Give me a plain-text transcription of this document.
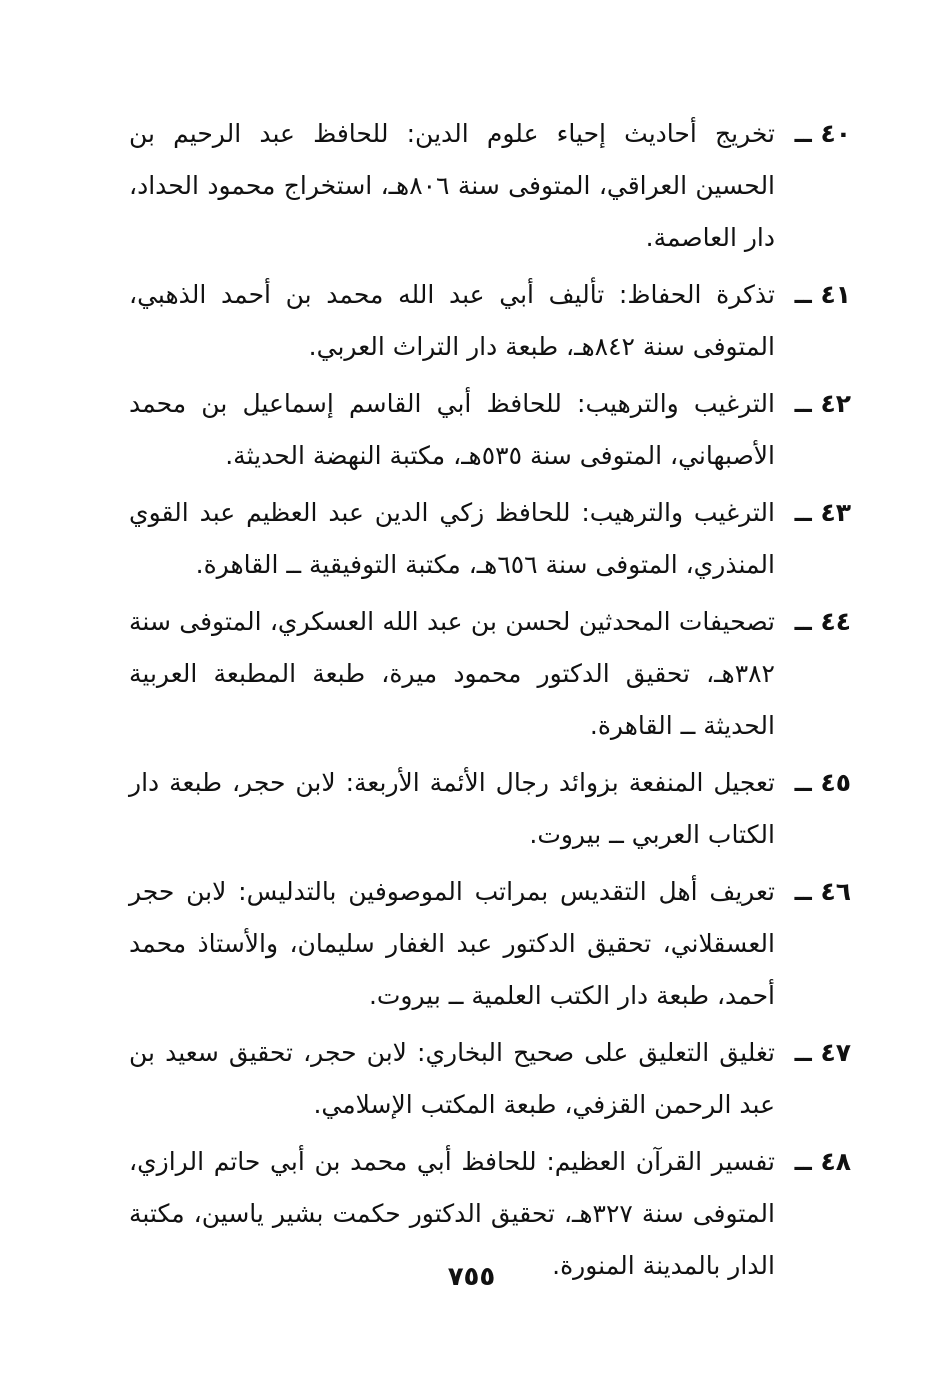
٤٠ ــ
تخريج أحاديث إحياء علوم الدين: للحافظ عبد الرحيم بن الحسين العراقي، المتوفى سنة ٨٠٦هـ، استخراج محمود الحداد، دار العاصمة.
٤١ ــ
تذكرة الحفاظ: تأليف أبي عبد الله محمد بن أحمد الذهبي، المتوفى سنة ٨٤٢هـ، طبعة دار التراث العربي.
٤٢ ــ
الترغيب والترهيب: للحافظ أبي القاسم إسماعيل بن محمد الأصبهاني، المتوفى سنة ٥٣٥هـ، مكتبة النهضة الحديثة.
٤٣ ــ
الترغيب والترهيب: للحافظ زكي الدين عبد العظيم عبد القوي المنذري، المتوفى سنة ٦٥٦هـ، مكتبة التوفيقية ــ القاهرة.
٤٤ ــ
تصحيفات المحدثين لحسن بن عبد الله العسكري، المتوفى سنة ٣٨٢هـ، تحقيق الدكتور محمود ميرة، طبعة المطبعة العربية الحديثة ــ القاهرة.
٤٥ ــ
تعجيل المنفعة بزوائد رجال الأئمة الأربعة: لابن حجر، طبعة دار الكتاب العربي ــ بيروت.
٤٦ ــ
تعريف أهل التقديس بمراتب الموصوفين بالتدليس: لابن حجر العسقلاني، تحقيق الدكتور عبد الغفار سليمان، والأستاذ محمد أحمد، طبعة دار الكتب العلمية ــ بيروت.
٤٧ ــ
تغليق التعليق على صحيح البخاري: لابن حجر، تحقيق سعيد بن عبد الرحمن القزفي، طبعة المكتب الإسلامي.
٤٨ ــ
تفسير القرآن العظيم: للحافظ أبي محمد بن أبي حاتم الرازي، المتوفى سنة ٣٢٧هـ، تحقيق الدكتور حكمت بشير ياسين، مكتبة الدار بالمدينة المنورة.
٧٥٥
